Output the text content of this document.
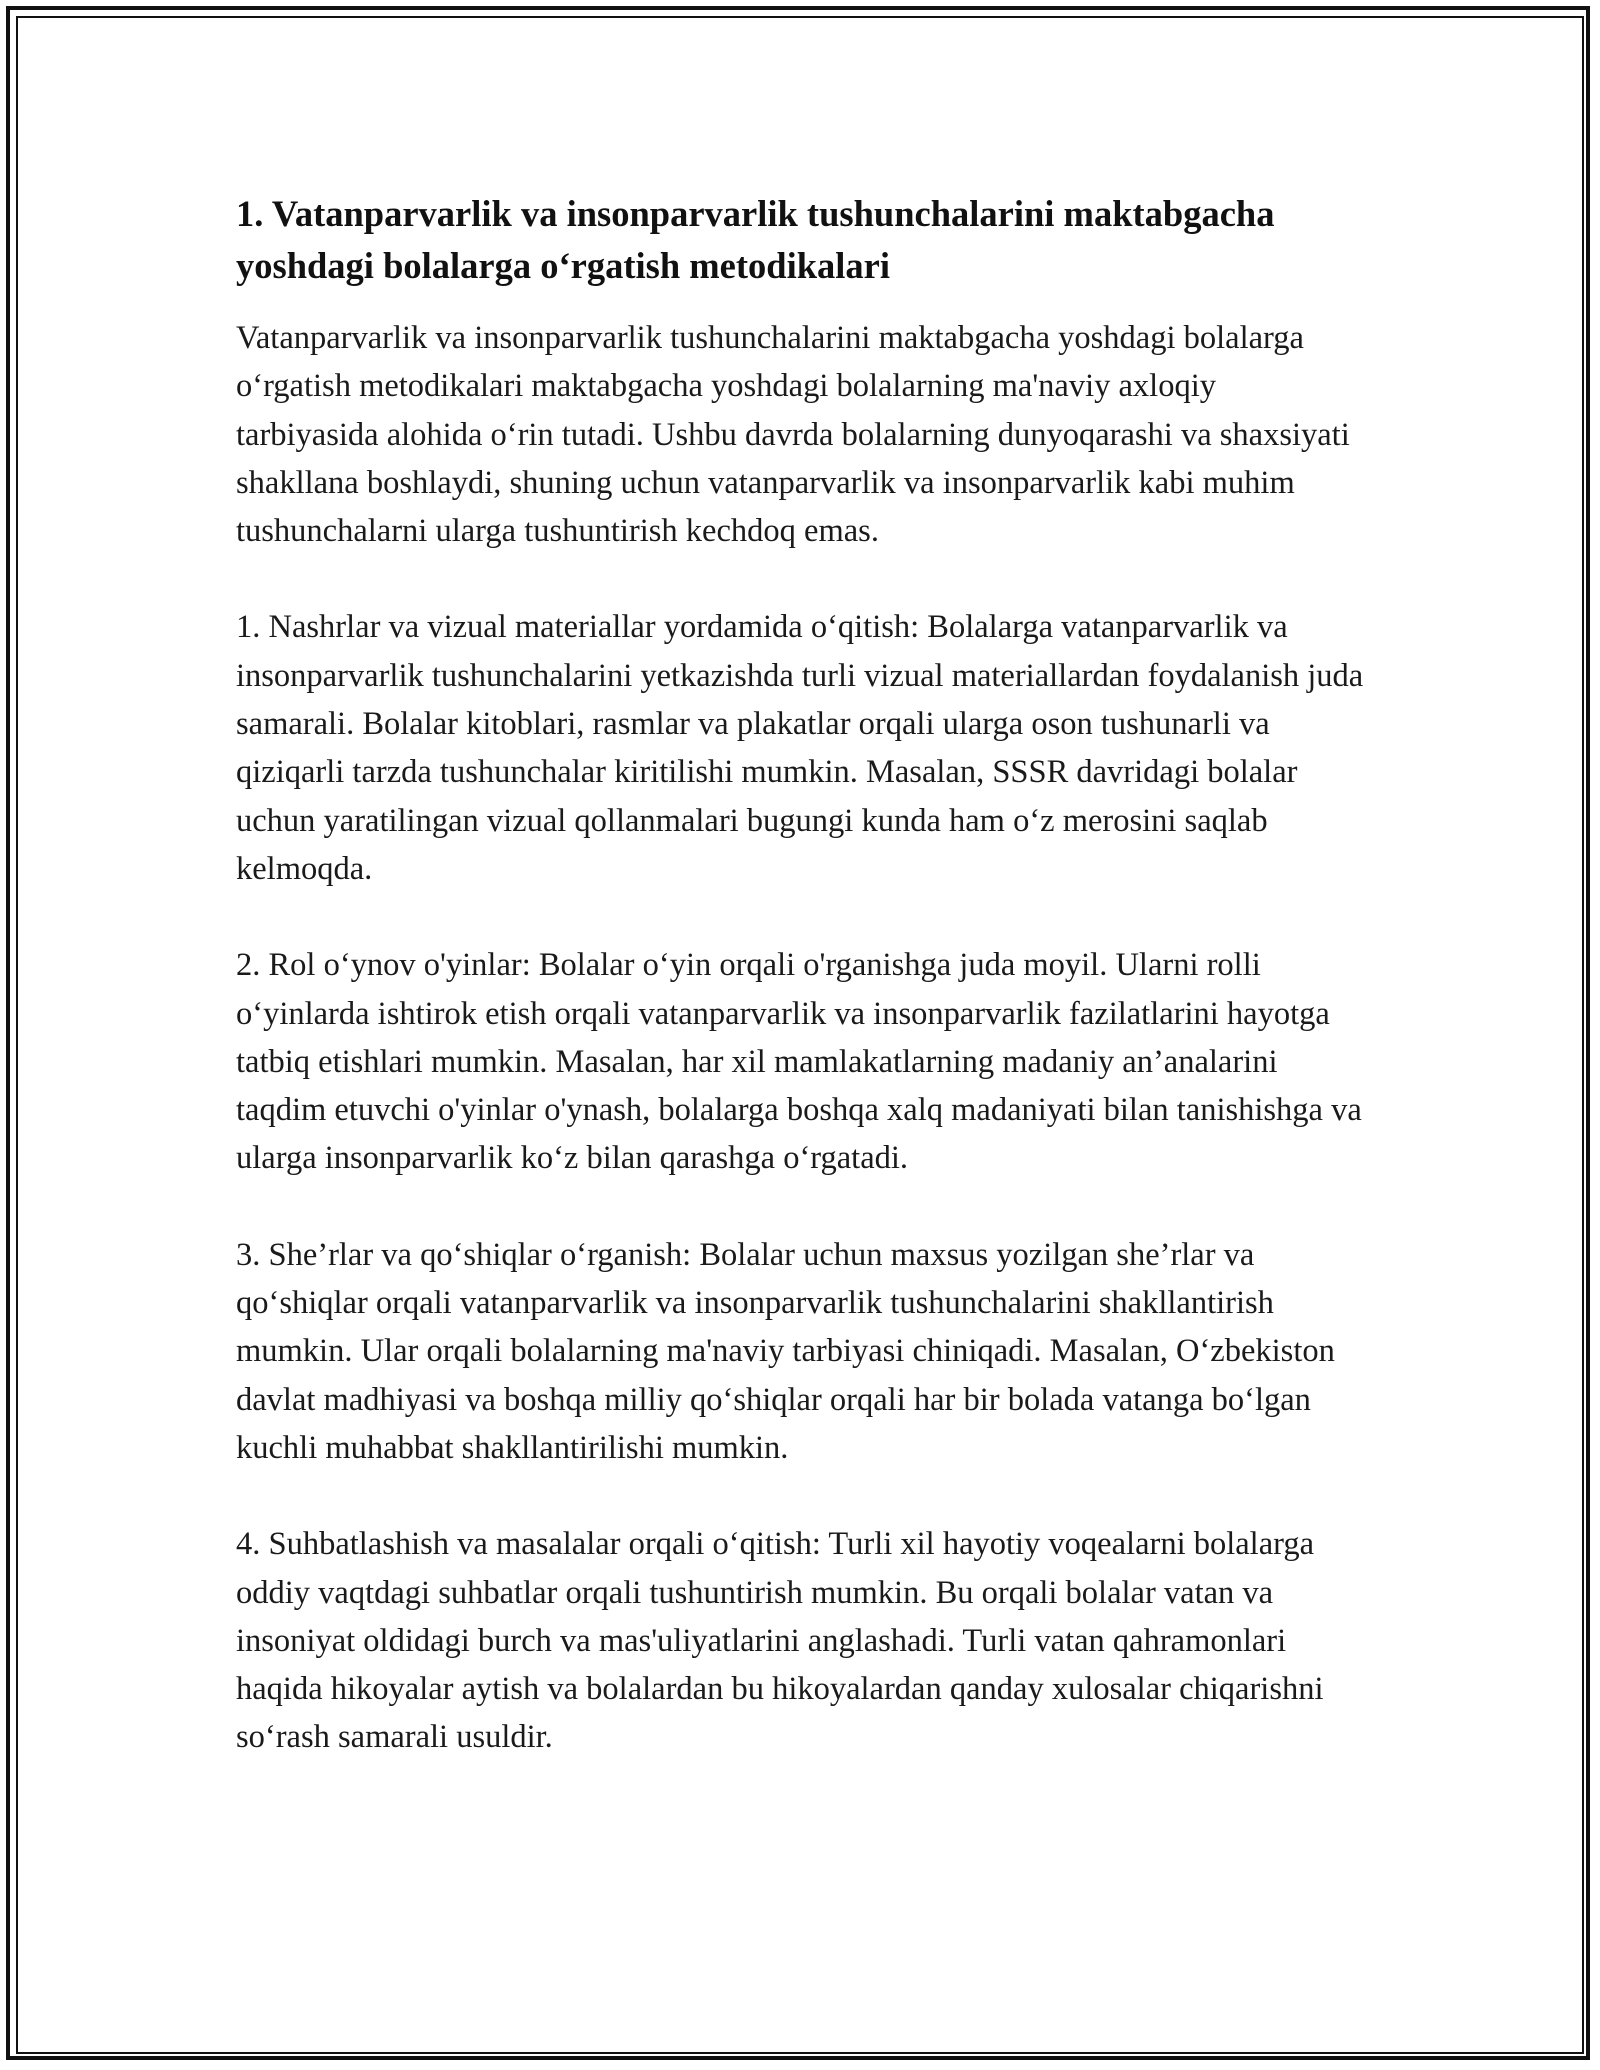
1. Vatanparvarlik va insonparvarlik tushunchalarini maktabgacha yoshdagi bolalarga o‘rgatish metodikalari

Vatanparvarlik va insonparvarlik tushunchalarini maktabgacha yoshdagi bolalarga o‘rgatish metodikalari maktabgacha yoshdagi bolalarning ma'naviy axloqiy tarbiyasida alohida o‘rin tutadi. Ushbu davrda bolalarning dunyoqarashi va shaxsiyati shakllana boshlaydi, shuning uchun vatanparvarlik va insonparvarlik kabi muhim tushunchalarni ularga tushuntirish kechdoq emas.

1. Nashrlar va vizual materiallar yordamida o‘qitish: Bolalarga vatanparvarlik va insonparvarlik tushunchalarini yetkazishda turli vizual materiallardan foydalanish juda samarali. Bolalar kitoblari, rasmlar va plakatlar orqali ularga oson tushunarli va qiziqarli tarzda tushunchalar kiritilishi mumkin. Masalan, SSSR davridagi bolalar uchun yaratilingan vizual qollanmalari bugungi kunda ham o‘z merosini saqlab kelmoqda.

2. Rol o‘ynov o'yinlar: Bolalar o‘yin orqali o'rganishga juda moyil. Ularni rolli o‘yinlarda ishtirok etish orqali vatanparvarlik va insonparvarlik fazilatlarini hayotga tatbiq etishlari mumkin. Masalan, har xil mamlakatlarning madaniy an’analarini taqdim etuvchi o'yinlar o'ynash, bolalarga boshqa xalq madaniyati bilan tanishishga va ularga insonparvarlik ko‘z bilan qarashga o‘rgatadi.

3. She’rlar va qo‘shiqlar o‘rganish: Bolalar uchun maxsus yozilgan she’rlar va qo‘shiqlar orqali vatanparvarlik va insonparvarlik tushunchalarini shakllantirish mumkin. Ular orqali bolalarning ma'naviy tarbiyasi chiniqadi. Masalan, O‘zbekiston davlat madhiyasi va boshqa milliy qo‘shiqlar orqali har bir bolada vatanga bo‘lgan kuchli muhabbat shakllantirilishi mumkin.

4. Suhbatlashish va masalalar orqali o‘qitish: Turli xil hayotiy voqealarni bolalarga oddiy vaqtdagi suhbatlar orqali tushuntirish mumkin. Bu orqali bolalar vatan va insoniyat oldidagi burch va mas'uliyatlarini anglashadi. Turli vatan qahramonlari haqida hikoyalar aytish va bolalardan bu hikoyalardan qanday xulosalar chiqarishni so‘rash samarali usuldir.
